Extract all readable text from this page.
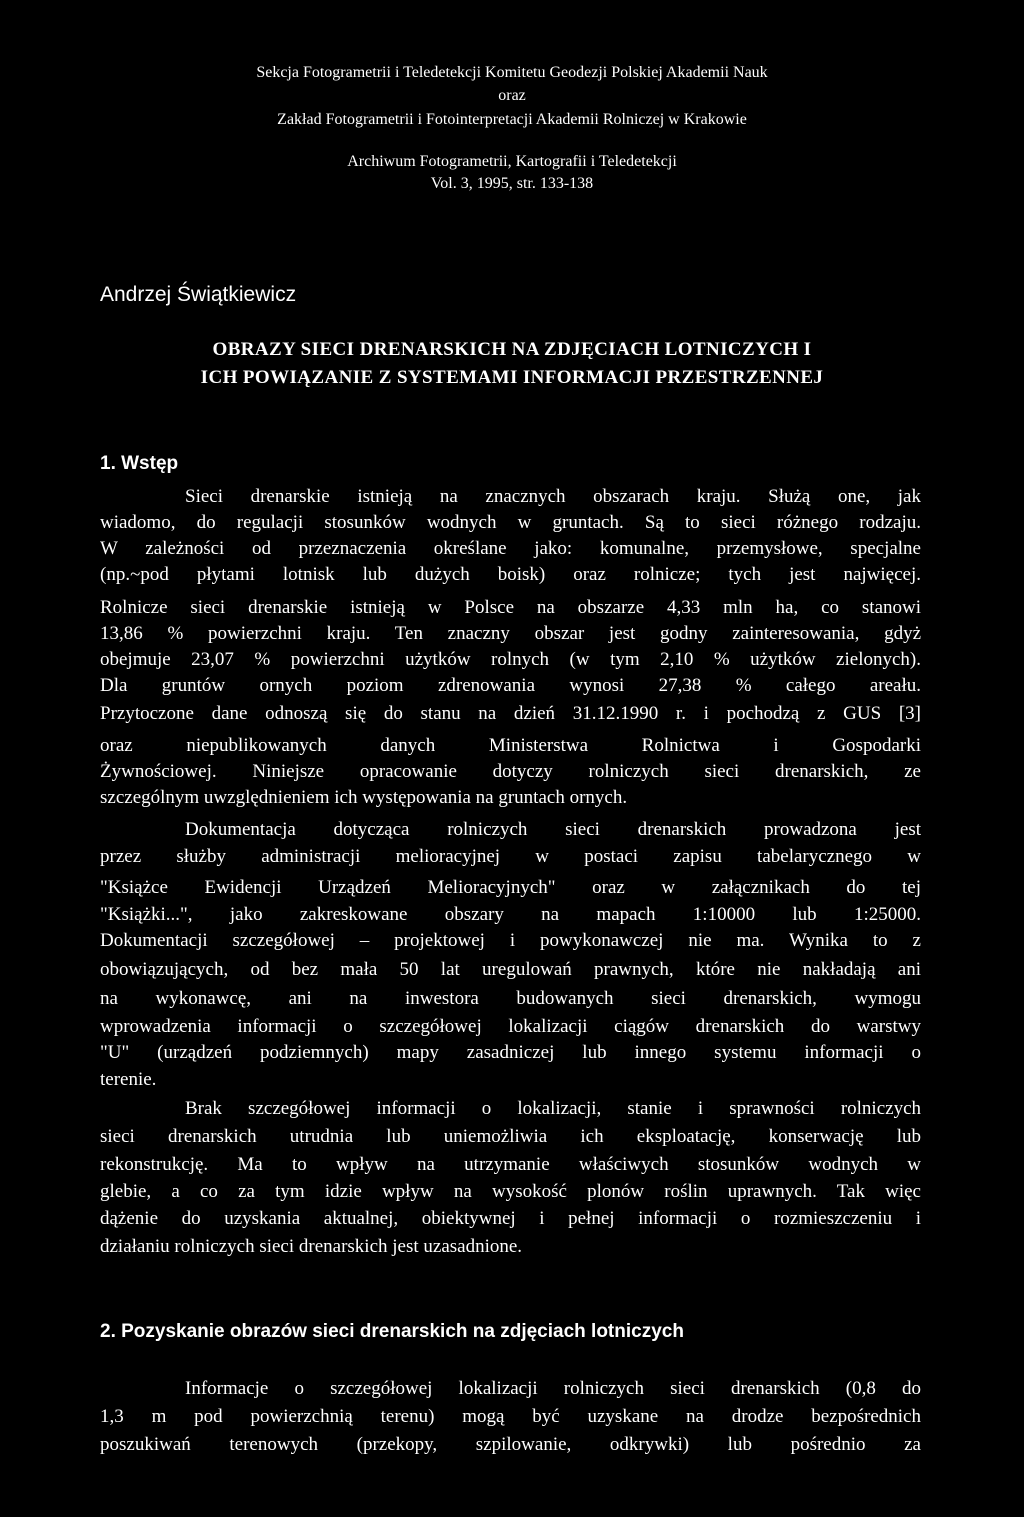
Sekcja Fotogrametrii i Teledetekcji Komitetu Geodezji Polskiej Akademii Nauk
oraz
Zakład Fotogrametrii i Fotointerpretacji Akademii Rolniczej w Krakowie
Archiwum Fotogrametrii, Kartografii i Teledetekcji
Vol. 3, 1995, str. 133-138
Andrzej Świątkiewicz
OBRAZY SIECI DRENARSKICH NA ZDJĘCIACH LOTNICZYCH I
ICH POWIĄZANIE Z SYSTEMAMI INFORMACJI PRZESTRZENNEJ
1. Wstęp
Sieci drenarskie istnieją na znacznych obszarach kraju. Służą one, jak
wiadomo, do regulacji stosunków wodnych w gruntach. Są to sieci różnego rodzaju.
W zależności od przeznaczenia określane jako: komunalne, przemysłowe, specjalne
(np.~pod płytami lotnisk lub dużych boisk) oraz rolnicze; tych jest najwięcej.
Rolnicze sieci drenarskie istnieją w Polsce na obszarze 4,33 mln ha, co stanowi
13,86 % powierzchni kraju. Ten znaczny obszar jest godny zainteresowania, gdyż
obejmuje 23,07 % powierzchni użytków rolnych (w tym 2,10 % użytków zielonych).
Dla gruntów ornych poziom zdrenowania wynosi 27,38 % całego areału.
Przytoczone dane odnoszą się do stanu na dzień 31.12.1990 r. i pochodzą z GUS [3]
oraz niepublikowanych danych Ministerstwa Rolnictwa i Gospodarki
Żywnościowej. Niniejsze opracowanie dotyczy rolniczych sieci drenarskich, ze
szczególnym uwzględnieniem ich występowania na gruntach ornych.
Dokumentacja dotycząca rolniczych sieci drenarskich prowadzona jest
przez służby administracji melioracyjnej w postaci zapisu tabelarycznego w
"Książce Ewidencji Urządzeń Melioracyjnych" oraz w załącznikach do tej
"Książki...", jako zakreskowane obszary na mapach 1:10000 lub 1:25000.
Dokumentacji szczegółowej – projektowej i powykonawczej nie ma. Wynika to z
obowiązujących, od bez mała 50 lat uregulowań prawnych, które nie nakładają ani
na wykonawcę, ani na inwestora budowanych sieci drenarskich, wymogu
wprowadzenia informacji o szczegółowej lokalizacji ciągów drenarskich do warstwy
"U" (urządzeń podziemnych) mapy zasadniczej lub innego systemu informacji o
terenie.
Brak szczegółowej informacji o lokalizacji, stanie i sprawności rolniczych
sieci drenarskich utrudnia lub uniemożliwia ich eksploatację, konserwację lub
rekonstrukcję. Ma to wpływ na utrzymanie właściwych stosunków wodnych w
glebie, a co za tym idzie wpływ na wysokość plonów roślin uprawnych. Tak więc
dążenie do uzyskania aktualnej, obiektywnej i pełnej informacji o rozmieszczeniu i
działaniu rolniczych sieci drenarskich jest uzasadnione.
2. Pozyskanie obrazów sieci drenarskich na zdjęciach lotniczych
Informacje o szczegółowej lokalizacji rolniczych sieci drenarskich (0,8 do
1,3 m pod powierzchnią terenu) mogą być uzyskane na drodze bezpośrednich
poszukiwań terenowych (przekopy, szpilowanie, odkrywki) lub pośrednio za
